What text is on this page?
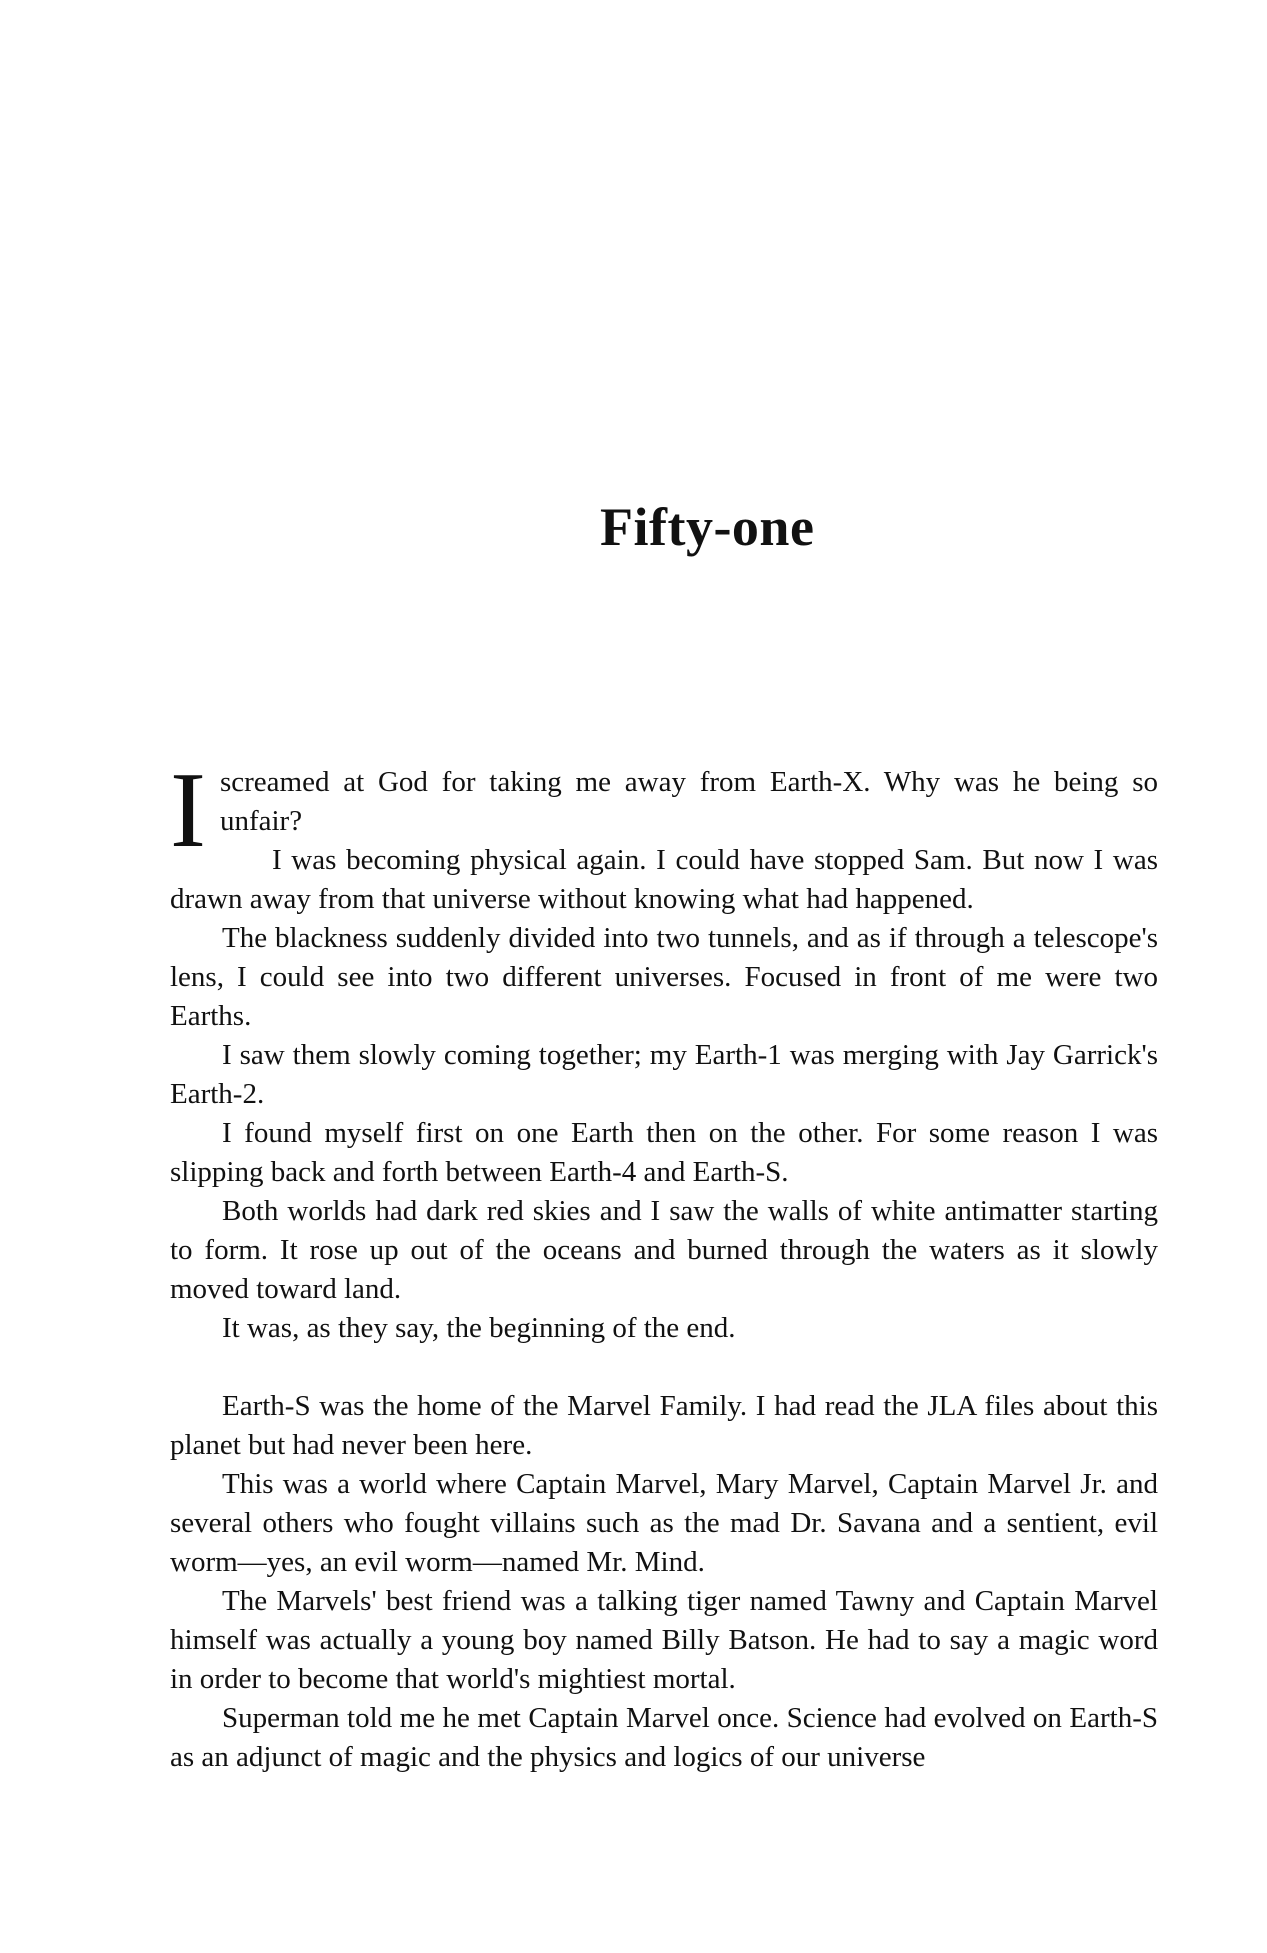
Fifty-one

Iscreamed at God for taking me away from Earth-X. Why was he being so unfair?

I was becoming physical again. I could have stopped Sam. But now I was drawn away from that universe without knowing what had happened.

The blackness suddenly divided into two tunnels, and as if through a telescope's lens, I could see into two different universes. Focused in front of me were two Earths.

I saw them slowly coming together; my Earth-1 was merging with Jay Garrick's Earth-2.

I found myself first on one Earth then on the other. For some reason I was slipping back and forth between Earth-4 and Earth-S.

Both worlds had dark red skies and I saw the walls of white antimatter starting to form. It rose up out of the oceans and burned through the waters as it slowly moved toward land.

It was, as they say, the beginning of the end.

Earth-S was the home of the Marvel Family. I had read the JLA files about this planet but had never been here.

This was a world where Captain Marvel, Mary Marvel, Captain Marvel Jr. and several others who fought villains such as the mad Dr. Savana and a sentient, evil worm—yes, an evil worm—named Mr. Mind.

The Marvels' best friend was a talking tiger named Tawny and Captain Marvel himself was actually a young boy named Billy Batson. He had to say a magic word in order to become that world's mightiest mortal.

Superman told me he met Captain Marvel once. Science had evolved on Earth-S as an adjunct of magic and the physics and logics of our universe
